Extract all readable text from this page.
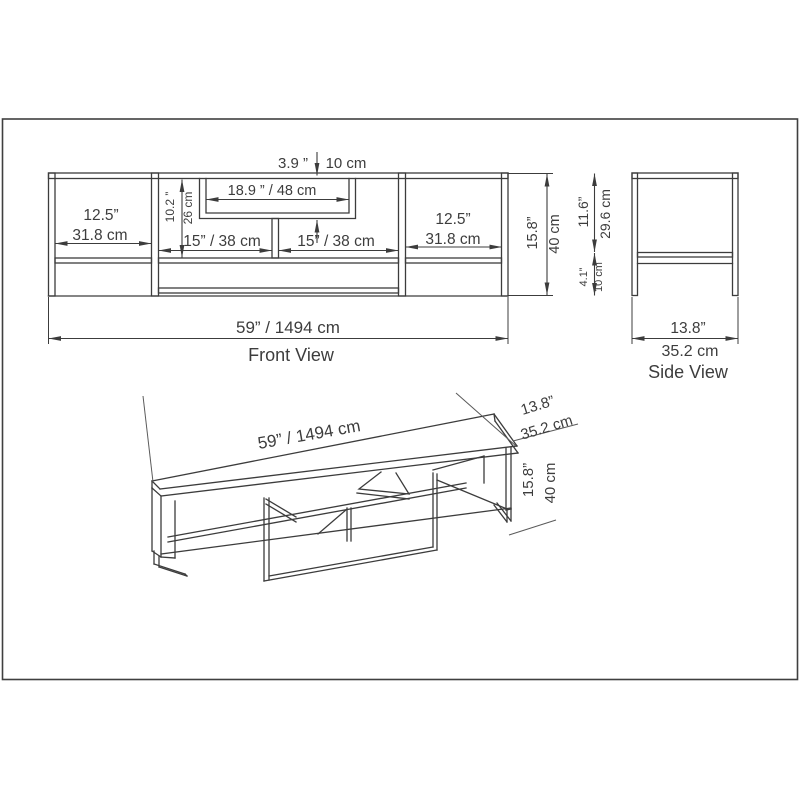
12.5”
31.8 cm
12.5”
31.8 cm
15” / 38 cm 15” / 38 cm
18.9 ” / 48 cm
3.9 ” 10 cm
10.2 ” 26 cm
15.8” 40 cm
59” / 1494 cm
Front View
11.6” 29.6 cm
4.1” 10 cm
13.8”
35.2 cm
Side View
59” / 1494 cm
13.8”
35.2 cm
15.8” 40 cm
